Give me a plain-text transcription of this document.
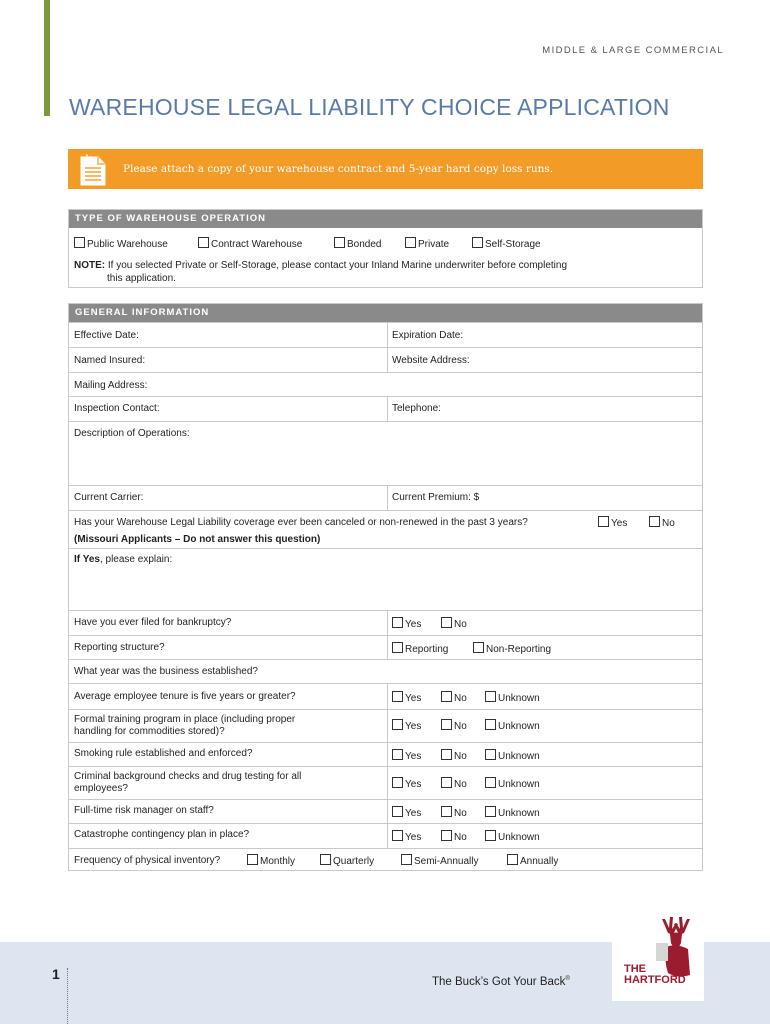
MIDDLE & LARGE COMMERCIAL
WAREHOUSE LEGAL LIABILITY CHOICE APPLICATION
Please attach a copy of your warehouse contract and 5-year hard copy loss runs.
TYPE OF WAREHOUSE OPERATION
Public Warehouse	Contract Warehouse	Bonded	Private	Self-Storage
NOTE: If you selected Private or Self-Storage, please contact your Inland Marine underwriter before completing
this application.
GENERAL INFORMATION
Effective Date:	Expiration Date:
Named Insured:	Website Address:
Mailing Address:
Inspection Contact:	Telephone:
Description of Operations:
Current Carrier:	Current Premium: $
Has your Warehouse Legal Liability coverage ever been canceled or non-renewed in the past 3 years?	Yes	No
(Missouri Applicants – Do not answer this question)
If Yes, please explain:
Have you ever filed for bankruptcy?	Yes	No
Reporting structure?	Reporting	Non-Reporting
What year was the business established?
Average employee tenure is five years or greater?	Yes	No	Unknown
Formal training program in place (including proper
handling for commodities stored)?	Yes	No	Unknown
Smoking rule established and enforced?	Yes	No	Unknown
Criminal background checks and drug testing for all
employees?	Yes	No	Unknown
Full-time risk manager on staff?	Yes	No	Unknown
Catastrophe contingency plan in place?	Yes	No	Unknown
Frequency of physical inventory?	Monthly	Quarterly	Semi-Annually	Annually
1	The Buck’s Got Your Back®
THE
HARTFORD
